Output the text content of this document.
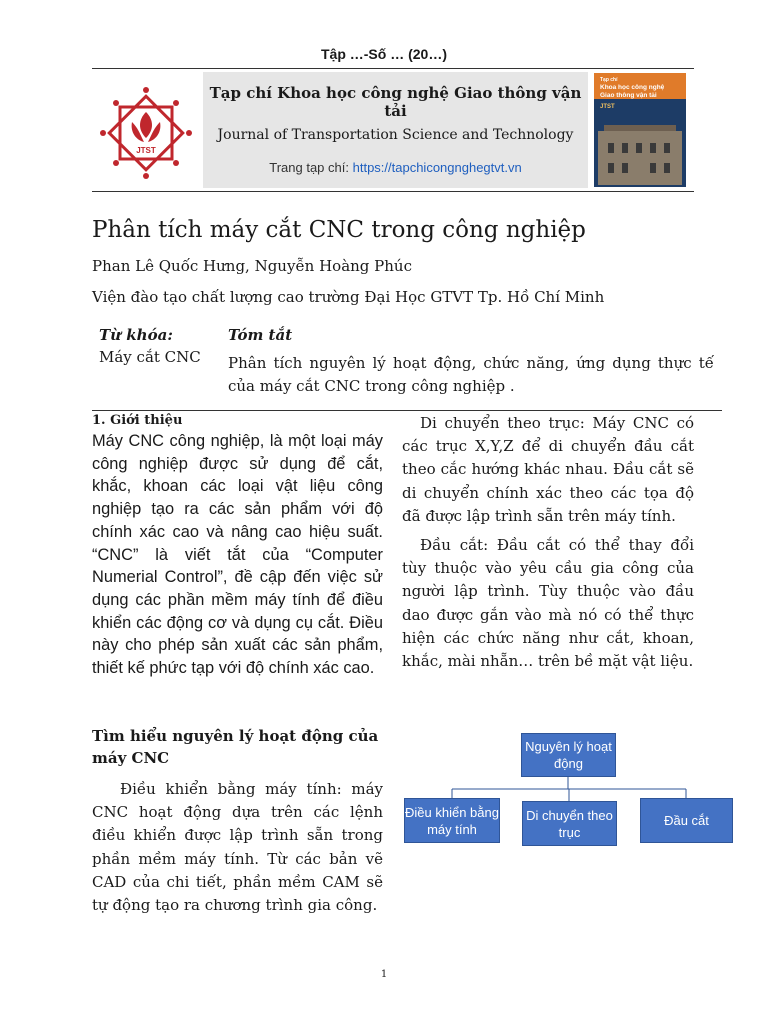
Tập …-Số … (20…)
JTST
Tạp chí Khoa học công nghệ Giao thông vận tải
Journal of Transportation Science and Technology
Trang tạp chí: https://tapchicongnghegtvt.vn
Tạp chí
Khoa học công nghệ
Giao thông vận tải
JTST
Phân tích máy cắt CNC trong công nghiệp
Phan Lê Quốc Hưng, Nguyễn Hoàng Phúc
Viện đào tạo chất lượng cao trường Đại Học GTVT Tp. Hồ Chí Minh
Từ khóa:
Máy cắt CNC
Tóm tắt
Phân tích nguyên lý hoạt động, chức năng, ứng dụng thực tế của máy cắt CNC trong công nghiệp .
1. Giới thiệu
Máy CNC công nghiệp, là một loại máy công nghiệp được sử dụng để cắt, khắc, khoan các loại vật liệu công nghiệp tạo ra các sản phẩm với độ chính xác cao và nâng cao hiệu suất. “CNC” là viết tắt của “Computer Numerial Control”, đề cập đến việc sử dụng các phần mềm máy tính để điều khiển các động cơ và dụng cụ cắt. Điều này cho phép sản xuất các sản phẩm, thiết kế phức tạp với độ chính xác cao.
Tìm hiểu nguyên lý hoạt động của máy CNC
Điều khiển bằng máy tính: máy CNC hoạt động dựa trên các lệnh điều khiển được lập trình sẵn trong phần mềm máy tính. Từ các bản vẽ CAD của chi tiết, phần mềm CAM sẽ tự động tạo ra chương trình gia công.
Di chuyển theo trục: Máy CNC có các trục X,Y,Z để di chuyển đầu cắt theo cắc hướng khác nhau. Đầu cắt sẽ di chuyển chính xác theo các tọa độ đã được lập trình sẵn trên máy tính.
Đầu cắt: Đầu cắt có thể thay đổi tùy thuộc vào yêu cầu gia công của người lập trình. Tùy thuộc vào đầu dao được gắn vào mà nó có thể thực hiện các chức năng như cắt, khoan, khắc, mài nhẵn… trên bề mặt vật liệu.
Nguyên lý hoạt động
Điều khiển bằng máy tính
Di chuyển theo trục
Đầu cắt
1
